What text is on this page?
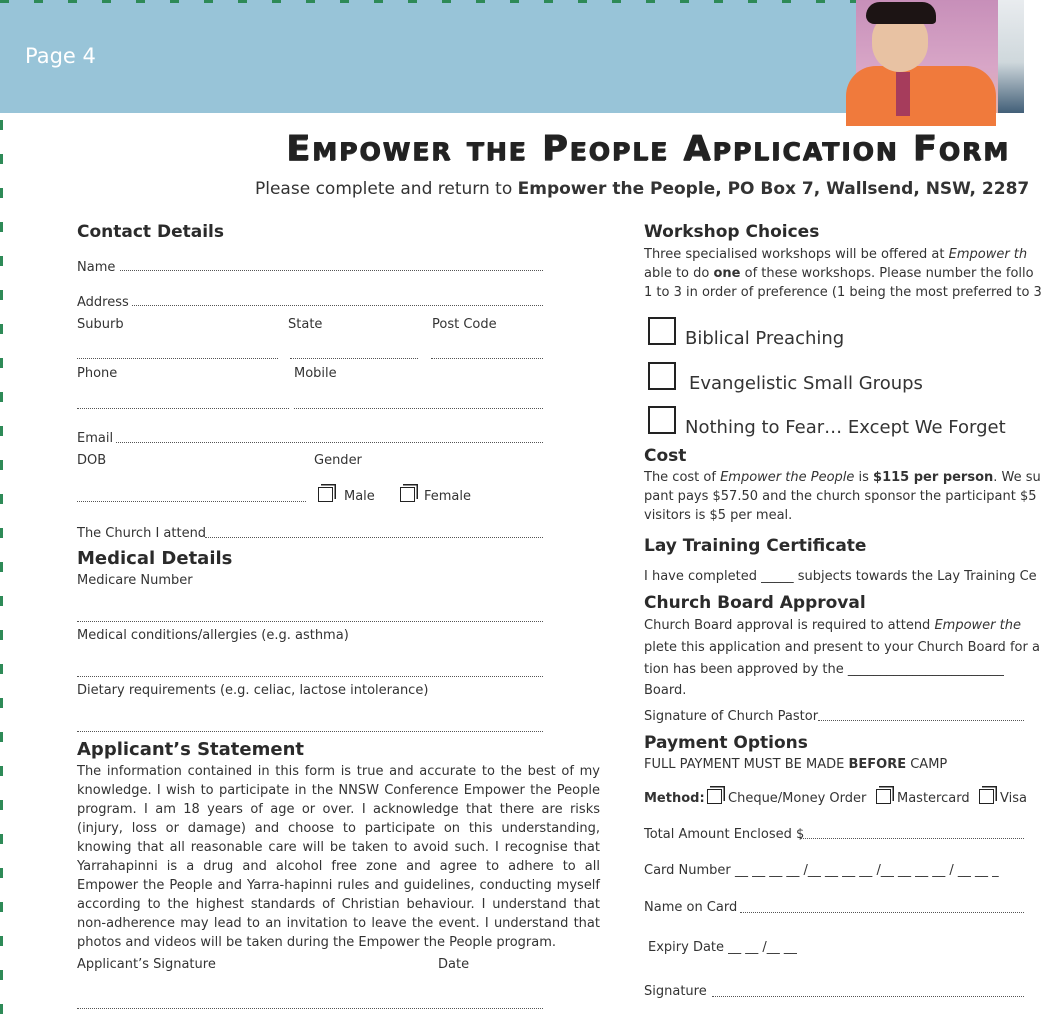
Page 4
Empower the People Application Form
Please complete and return to Empower the People, PO Box 7, Wallsend, NSW, 2287
Contact Details
Name
Address
Suburb	State	Post Code
Phone	Mobile
Email
DOB	Gender
Male	Female
The Church I attend
Medical Details
Medicare Number
Medical conditions/allergies (e.g. asthma)
Dietary requirements (e.g. celiac, lactose intolerance)
Applicant’s Statement
The information contained in this form is true and accurate to the best of my knowledge. I wish to participate in the NNSW Conference Empower the People program. I am 18 years of age or over. I acknowledge that there are risks (injury, loss or damage) and choose to participate on this understanding, knowing that all reasonable care will be taken to avoid such. I recognise that Yarrahapinni is a drug and alcohol free zone and agree to adhere to all Empower the People and Yarra-hapinni rules and guidelines, conducting myself according to the highest standards of Christian behaviour. I understand that non-adherence may lead to an invitation to leave the event. I understand that photos and videos will be taken during the Empower the People program.
Applicant’s Signature	Date
Workshop Choices
Three specialised workshops will be offered at Empower th
able to do one of these workshops. Please number the follo
1 to 3 in order of preference (1 being the most preferred to 3
Biblical Preaching
Evangelistic Small Groups
Nothing to Fear… Except We Forget
Cost
The cost of Empower the People is $115 per person. We su
pant pays $57.50 and the church sponsor the participant $5
visitors is $5 per meal.
Lay Training Certificate
I have completed _____ subjects towards the Lay Training Ce
Church Board Approval
Church Board approval is required to attend Empower the
plete this application and present to your Church Board for a
tion has been approved by the ________________________
Board.
Signature of Church Pastor
Payment Options
FULL PAYMENT MUST BE MADE BEFORE CAMP
Method: Cheque/Money Order Mastercard Visa
Total Amount Enclosed $
Card Number __ __ __ __ /__ __ __ __ /__ __ __ __ / __ __ _
Name on Card
Expiry Date __ __ /__ __
Signature
